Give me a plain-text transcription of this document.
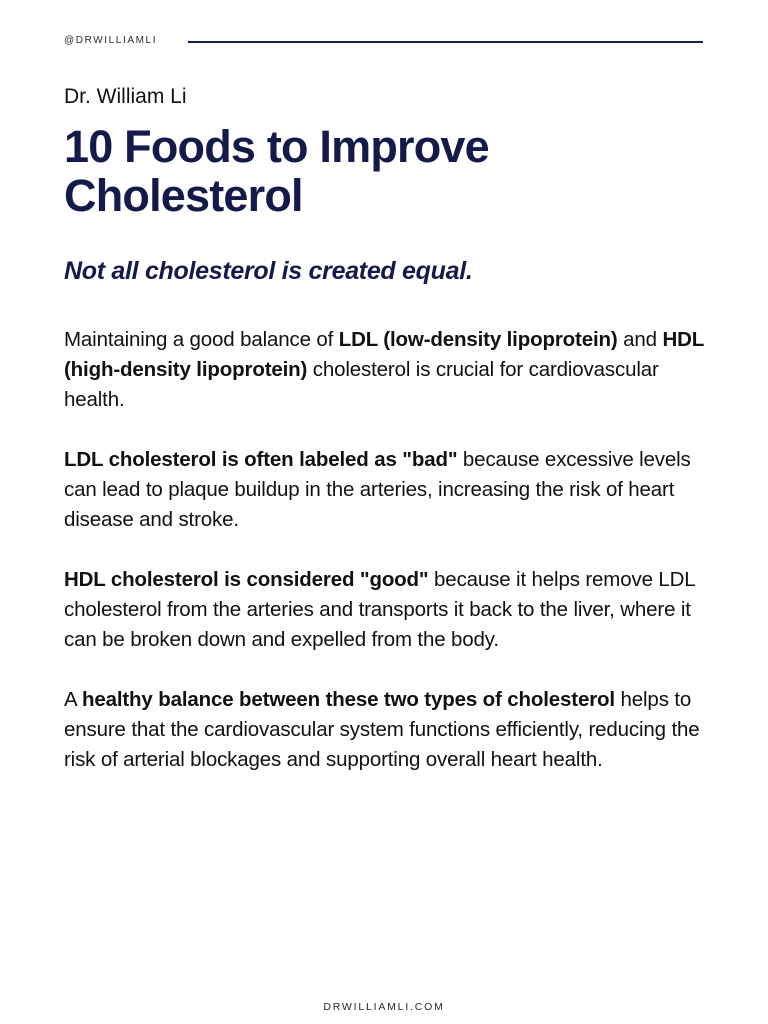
@DRWILLIAMLI
Dr. William Li
10 Foods to Improve Cholesterol
Not all cholesterol is created equal.

Maintaining a good balance of LDL (low-density lipoprotein) and HDL (high-density lipoprotein) cholesterol is crucial for cardiovascular health.

LDL cholesterol is often labeled as "bad" because excessive levels can lead to plaque buildup in the arteries, increasing the risk of heart disease and stroke.

HDL cholesterol is considered "good" because it helps remove LDL cholesterol from the arteries and transports it back to the liver, where it can be broken down and expelled from the body.

A healthy balance between these two types of cholesterol helps to ensure that the cardiovascular system functions efficiently, reducing the risk of arterial blockages and supporting overall heart health.

DRWILLIAMLI.COM
